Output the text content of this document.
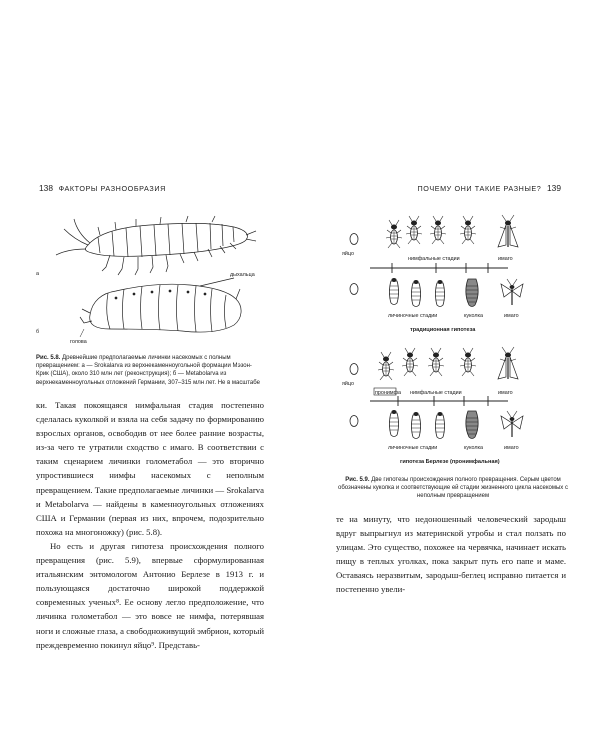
138 ФАКТОРЫ РАЗНООБРАЗИЯ
а	дыхальца
голова
б
Рис. 5.8. Древнейшие предполагаемые личинки насекомых с полным превращением: а — Srokalarva из верхнекаменноугольной формации Мэзон-Крик (США), около 310 млн лет (реконструкция); б — Metabolarva из верхнекаменноугольных отложений Германии, 307–315 млн лет. Не в масштабе

ки. Такая покоящаяся нимфальная стадия постепенно сделалась куколкой и взяла на себя задачу по формированию взрослых органов, освободив от нее более ранние возрасты, из-за чего те утратили сходство с имаго. В соответствии с таким сценарием личинки голометабол — это вторично упростившиеся нимфы насекомых с неполным превращением. Такие предполагаемые личинки — Srokalarva и Metabolarva — найдены в каменноугольных отложениях США и Германии (первая из них, впрочем, подозрительно похожа на многоножку) (рис. 5.8).

Но есть и другая гипотеза происхождения полного превращения (рис. 5.9), впервые сформулированная итальянским энтомологом Антонио Берлезе в 1913 г. и пользующаяся достаточно широкой поддержкой современных ученых⁸. Ее основу легло предположение, что личинка голометабол — это вовсе не нимфа, потерявшая ноги и сложные глаза, а свободноживущий эмбрион, который преждевременно покинул яйцо⁹. Представь-

ПОЧЕМУ ОНИ ТАКИЕ РАЗНЫЕ? 139
яйцо
нимфальные стадии	имаго
личиночные стадии	куколка	имаго
традиционная гипотеза
яйцо
пронимфа нимфальные стадии	имаго
личиночные стадии	куколка	имаго
гипотеза Берлезе (пронимфальная)
Рис. 5.9. Две гипотезы происхождения полного превращения. Серым цветом обозначены куколка и соответствующие ей стадии жизненного цикла насекомых с неполным превращением

те на минуту, что недоношенный человеческий зародыш вдруг выпрыгнул из материнской утробы и стал ползать по улицам. Это существо, похожее на червячка, начинает искать пищу в теплых уголках, пока закрыт путь его папе и маме. Оставаясь неразвитым, зародыш-беглец исправно питается и постепенно увели-
